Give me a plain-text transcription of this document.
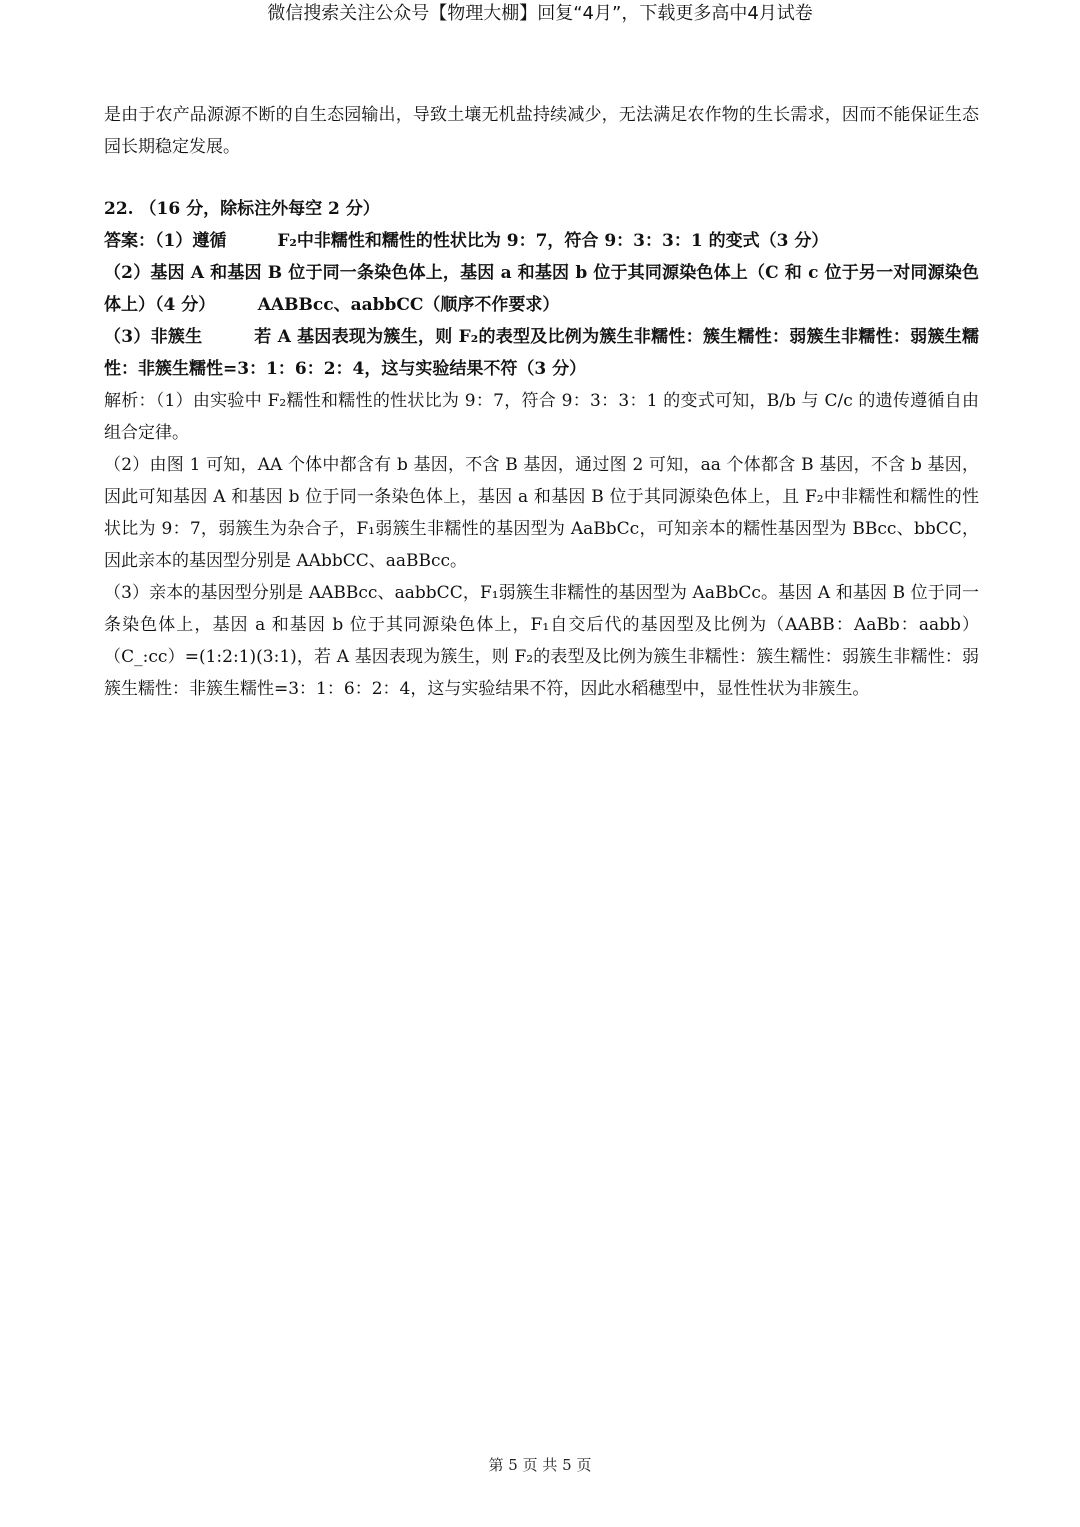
微信搜索关注公众号【物理大棚】回复“4月”，下载更多高中4月试卷

是由于农产品源源不断的自生态园输出，导致土壤无机盐持续减少，无法满足农作物的生长需求，因而不能保证生态园长期稳定发展。

22. （16 分，除标注外每空 2 分）

答案：（1）遵循　　　F₂中非糯性和糯性的性状比为 9：7，符合 9：3：3：1 的变式（3 分）

（2）基因 A 和基因 B 位于同一条染色体上，基因 a 和基因 b 位于其同源染色体上（C 和 c 位于另一对同源染色体上）（4 分）　　　AABBcc、aabbCC（顺序不作要求）

（3）非簇生　　　若 A 基因表现为簇生，则 F₂的表型及比例为簇生非糯性：簇生糯性：弱簇生非糯性：弱簇生糯性：非簇生糯性=3：1：6：2：4，这与实验结果不符（3 分）

解析：（1）由实验中 F₂糯性和糯性的性状比为 9：7，符合 9：3：3：1 的变式可知，B/b 与 C/c 的遗传遵循自由组合定律。

（2）由图 1 可知，AA 个体中都含有 b 基因，不含 B 基因，通过图 2 可知，aa 个体都含 B 基因，不含 b 基因，因此可知基因 A 和基因 b 位于同一条染色体上，基因 a 和基因 B 位于其同源染色体上，且 F₂中非糯性和糯性的性状比为 9：7，弱簇生为杂合子，F₁弱簇生非糯性的基因型为 AaBbCc，可知亲本的糯性基因型为 BBcc、bbCC，因此亲本的基因型分别是 AAbbCC、aaBBcc。

（3）亲本的基因型分别是 AABBcc、aabbCC，F₁弱簇生非糯性的基因型为 AaBbCc。基因 A 和基因 B 位于同一条染色体上，基因 a 和基因 b 位于其同源染色体上，F₁自交后代的基因型及比例为（AABB：AaBb：aabb）（C_:cc）=(1:2:1)(3:1)，若 A 基因表现为簇生，则 F₂的表型及比例为簇生非糯性：簇生糯性：弱簇生非糯性：弱簇生糯性：非簇生糯性=3：1：6：2：4，这与实验结果不符，因此水稻穗型中，显性性状为非簇生。

第 5 页 共 5 页
